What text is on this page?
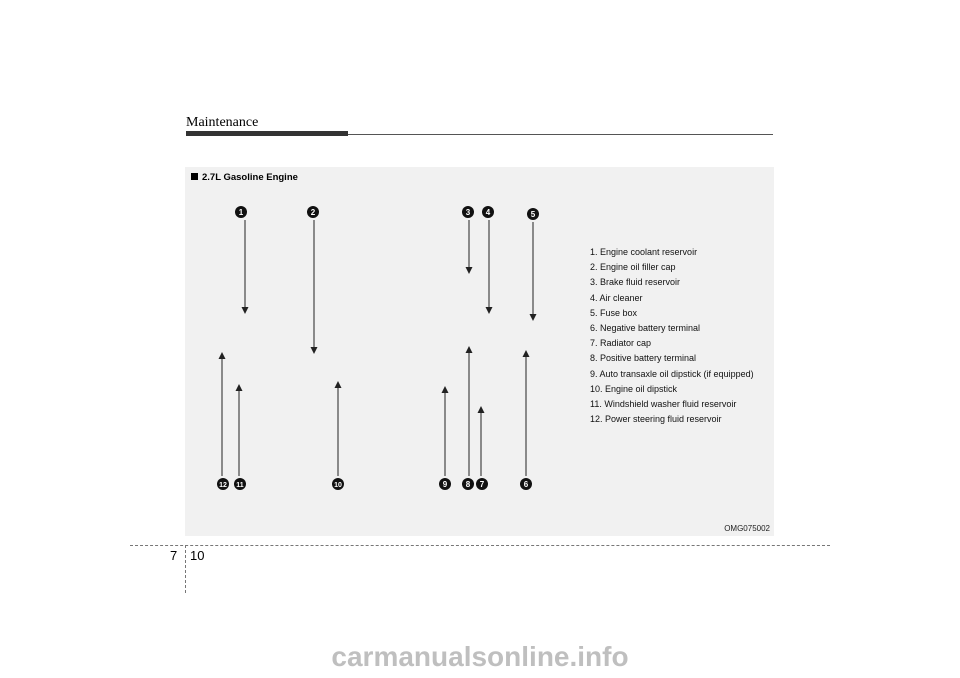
Maintenance
1	2	3 4	5
12 11	10	9 8 7	6
2.7L Gasoline Engine
1. Engine coolant reservoir
2. Engine oil filler cap
3. Brake fluid reservoir
4. Air cleaner
5. Fuse box
6. Negative battery terminal
7. Radiator cap
8. Positive battery terminal
9. Auto transaxle oil dipstick (if equipped)
10. Engine oil dipstick
11. Windshield washer fluid reservoir
12. Power steering fluid reservoir
OMG075002
7 10
carmanualsonline.info
